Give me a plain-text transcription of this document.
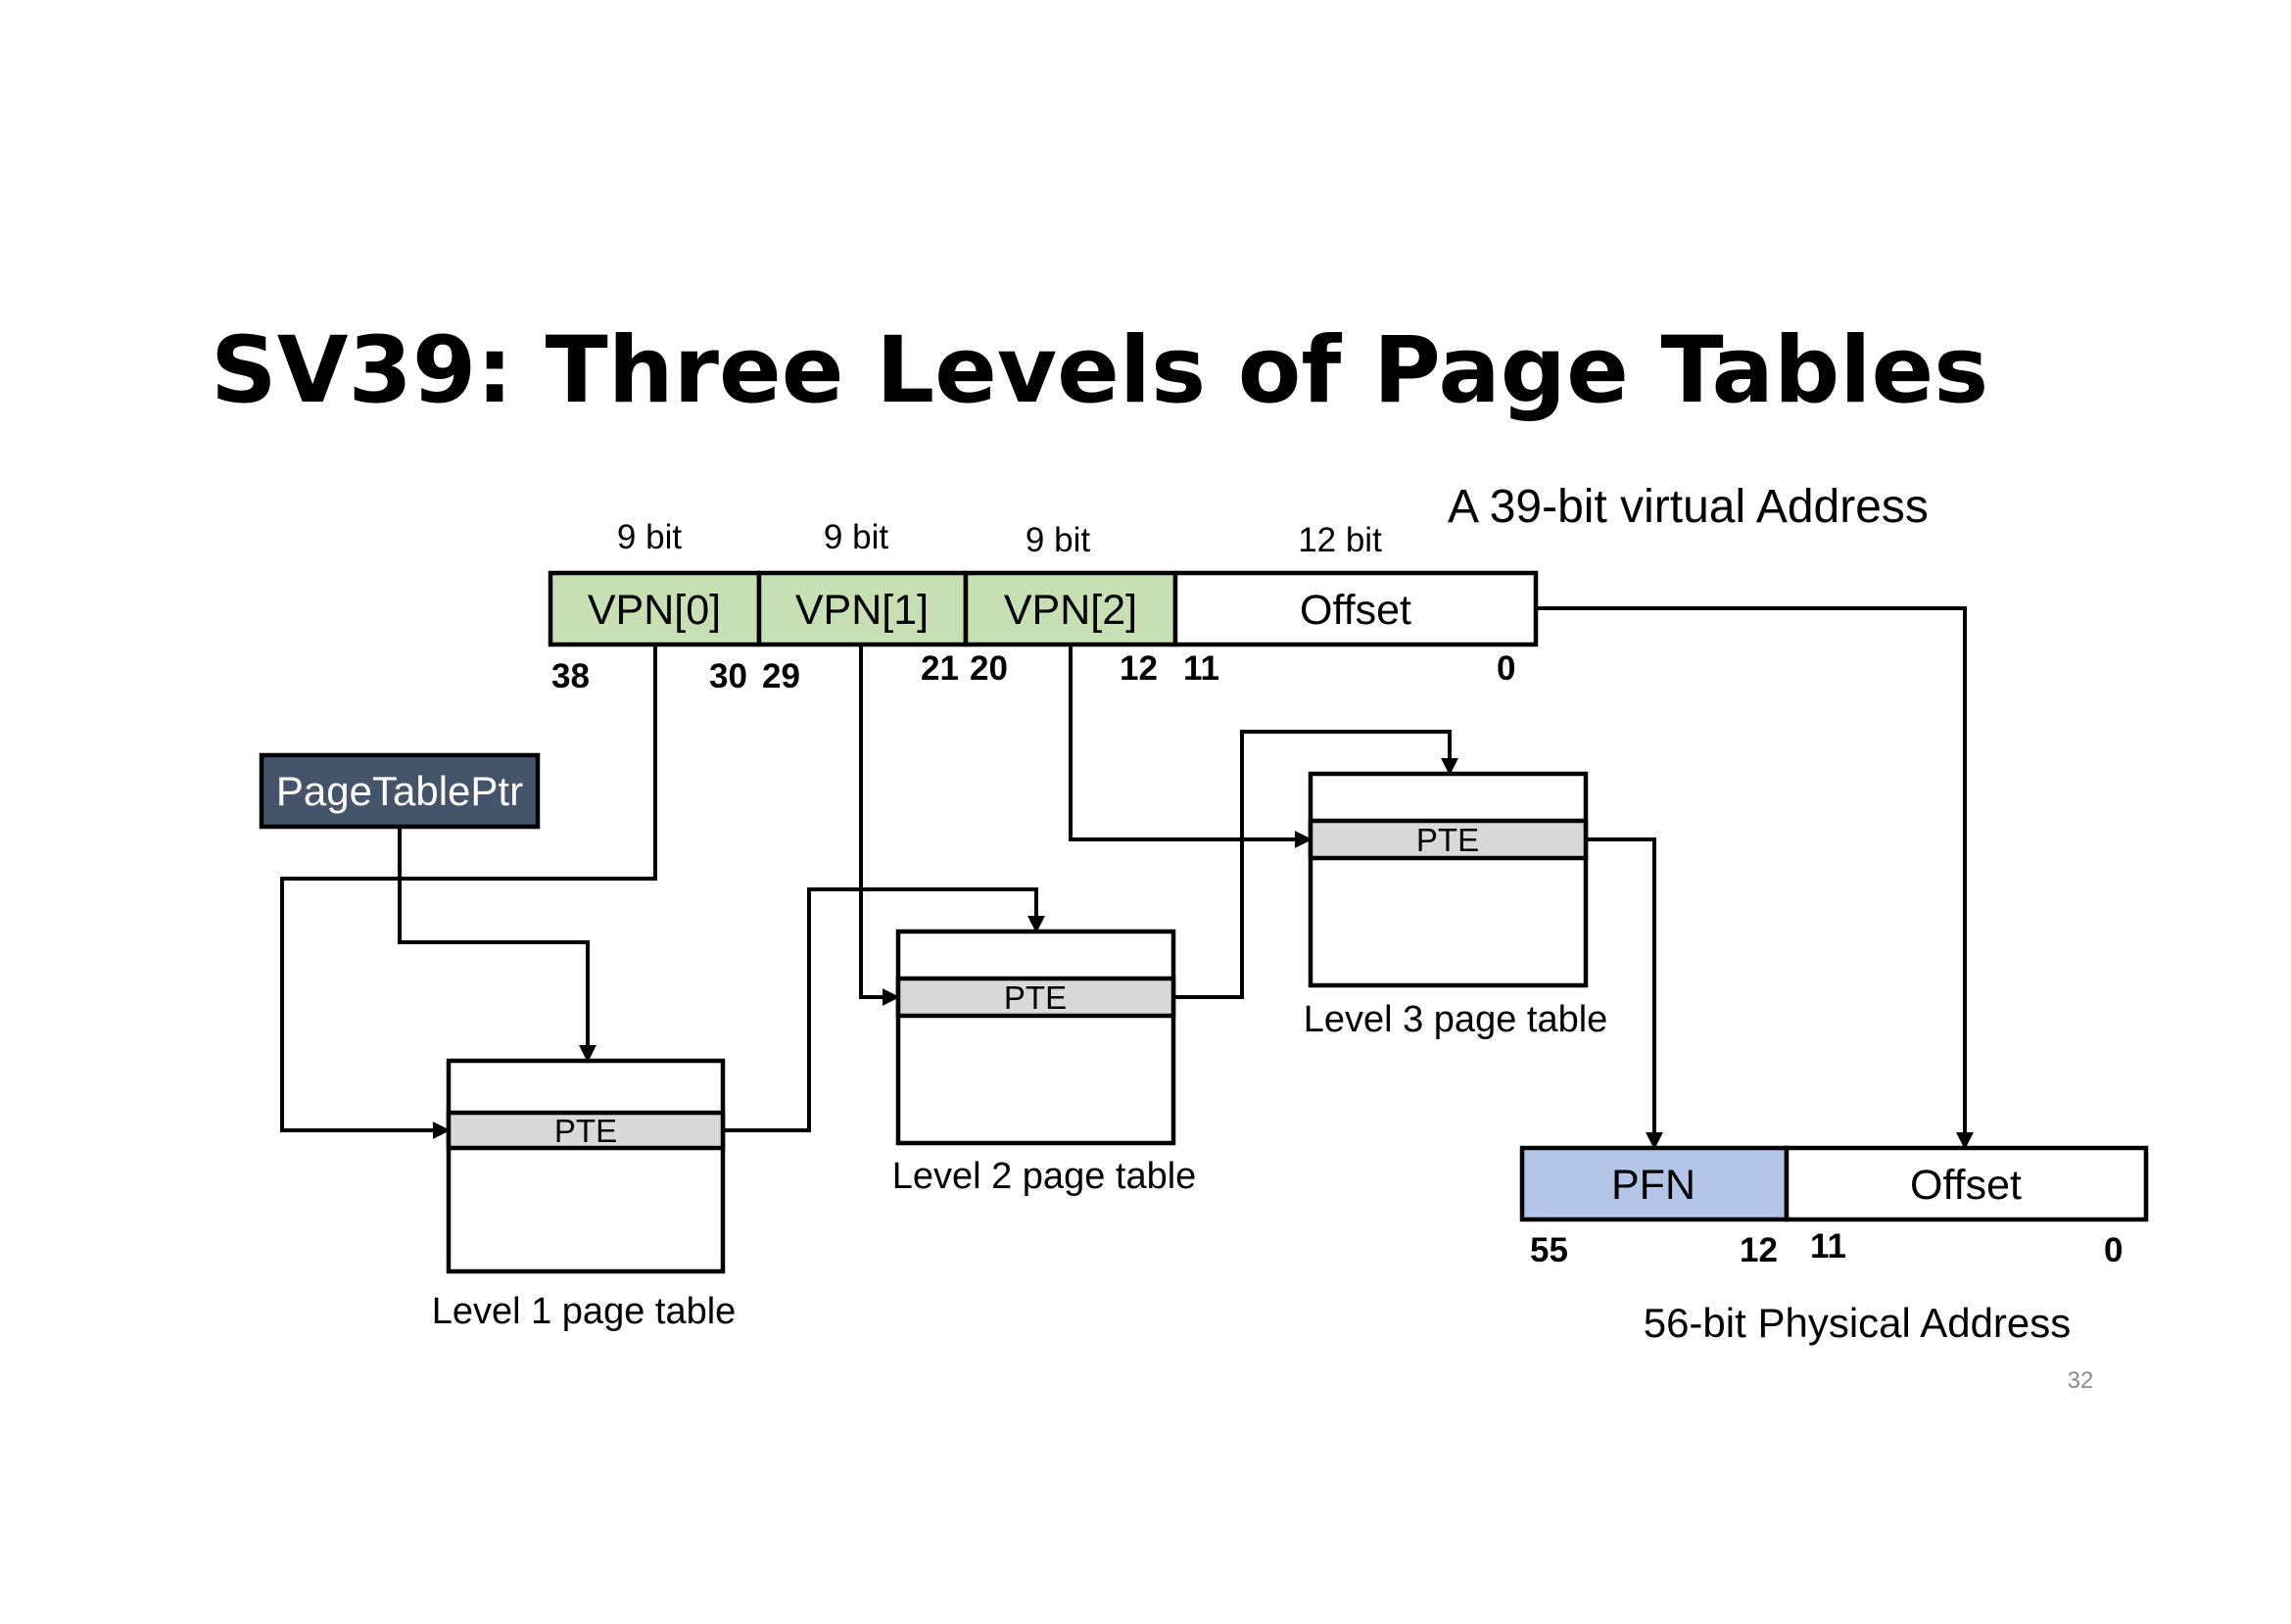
SV39: Three Levels of Page Tables
A 39-bit virtual Address
9 bit	9 bit	9 bit	12 bit
VPN[0] VPN[1] VPN[2]	Offset
38	30 29	21 20	12 11	0
PageTablePtr
PTE
Level 1 page table
PTE
Level 2 page table
PTE
Level 3 page table
PFN	Offset
55	12 11	0
56-bit Physical Address
32
